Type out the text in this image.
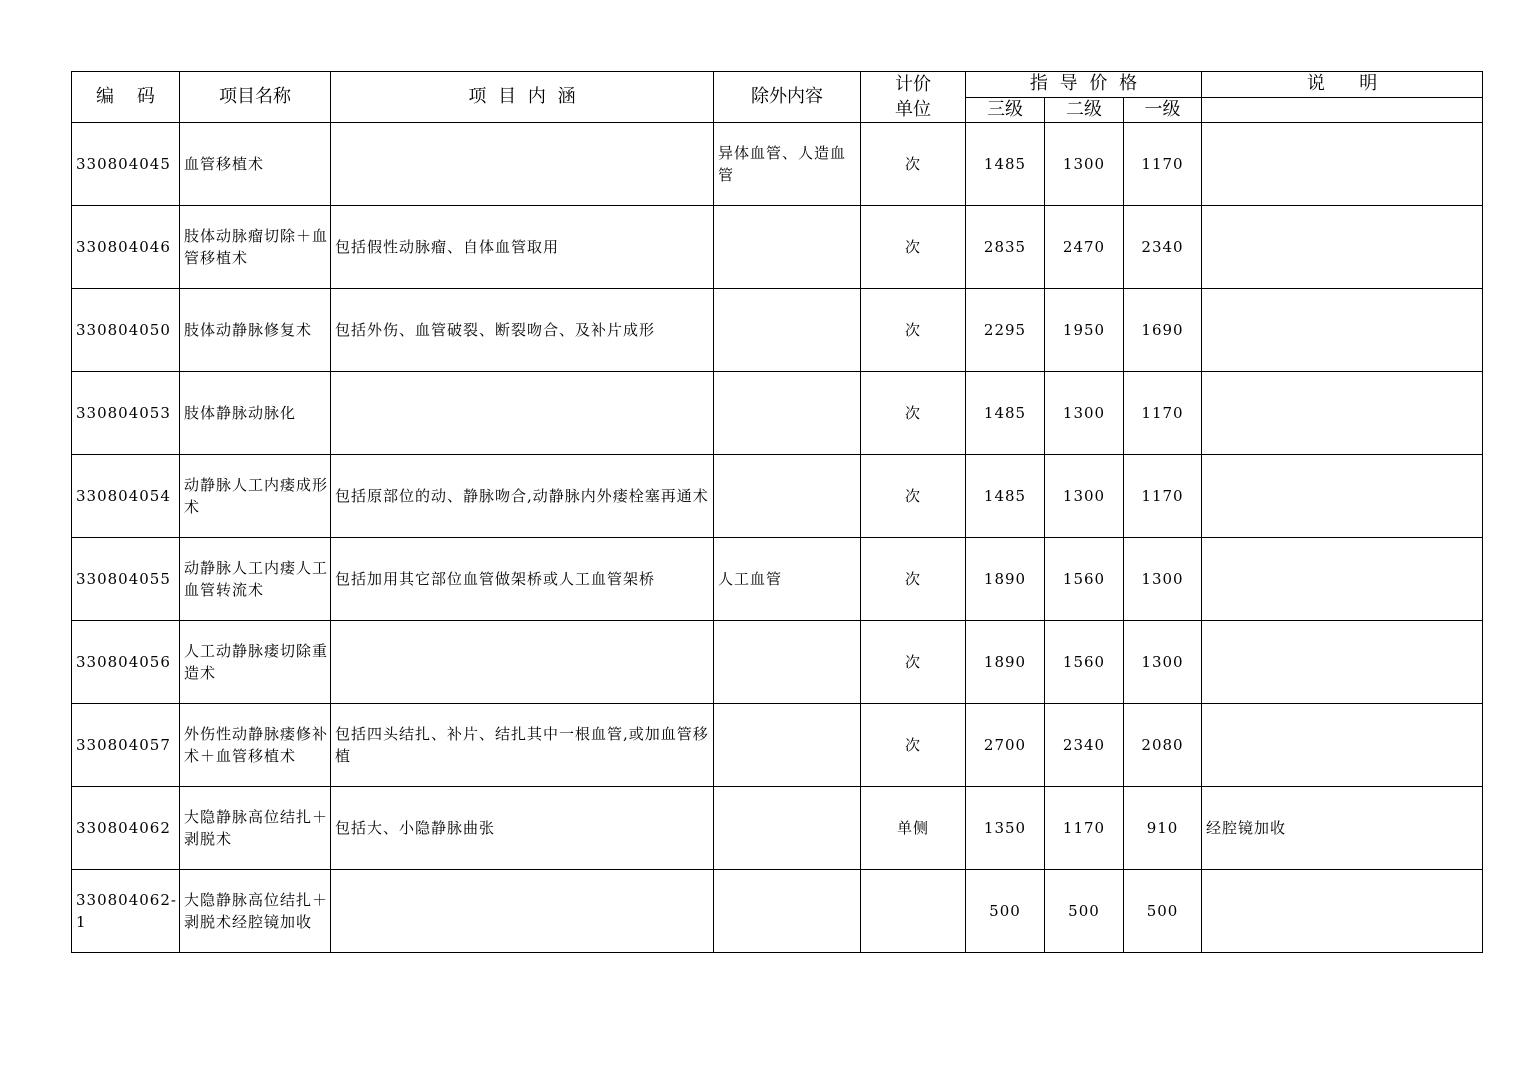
编    码	项目名称	项 目 内 涵	除外内容	计价单位	指 导 价 格			说      明
					三级	二级	一级	
330804045	血管移植术		异体血管、人造血管	次	1485	1300	1170	
330804046	肢体动脉瘤切除＋血管移植术	包括假性动脉瘤、自体血管取用		次	2835	2470	2340	
330804050	肢体动静脉修复术	包括外伤、血管破裂、断裂吻合、及补片成形		次	2295	1950	1690	
330804053	肢体静脉动脉化			次	1485	1300	1170	
330804054	动静脉人工内瘘成形术	包括原部位的动、静脉吻合,动静脉内外瘘栓塞再通术		次	1485	1300	1170	
330804055	动静脉人工内瘘人工血管转流术	包括加用其它部位血管做架桥或人工血管架桥	人工血管	次	1890	1560	1300	
330804056	人工动静脉瘘切除重造术			次	1890	1560	1300	
330804057	外伤性动静脉瘘修补术＋血管移植术	包括四头结扎、补片、结扎其中一根血管,或加血管移植		次	2700	2340	2080	
330804062	大隐静脉高位结扎＋剥脱术	包括大、小隐静脉曲张		单侧	1350	1170	910	经腔镜加收
330804062-1	大隐静脉高位结扎＋剥脱术经腔镜加收				500	500	500	
